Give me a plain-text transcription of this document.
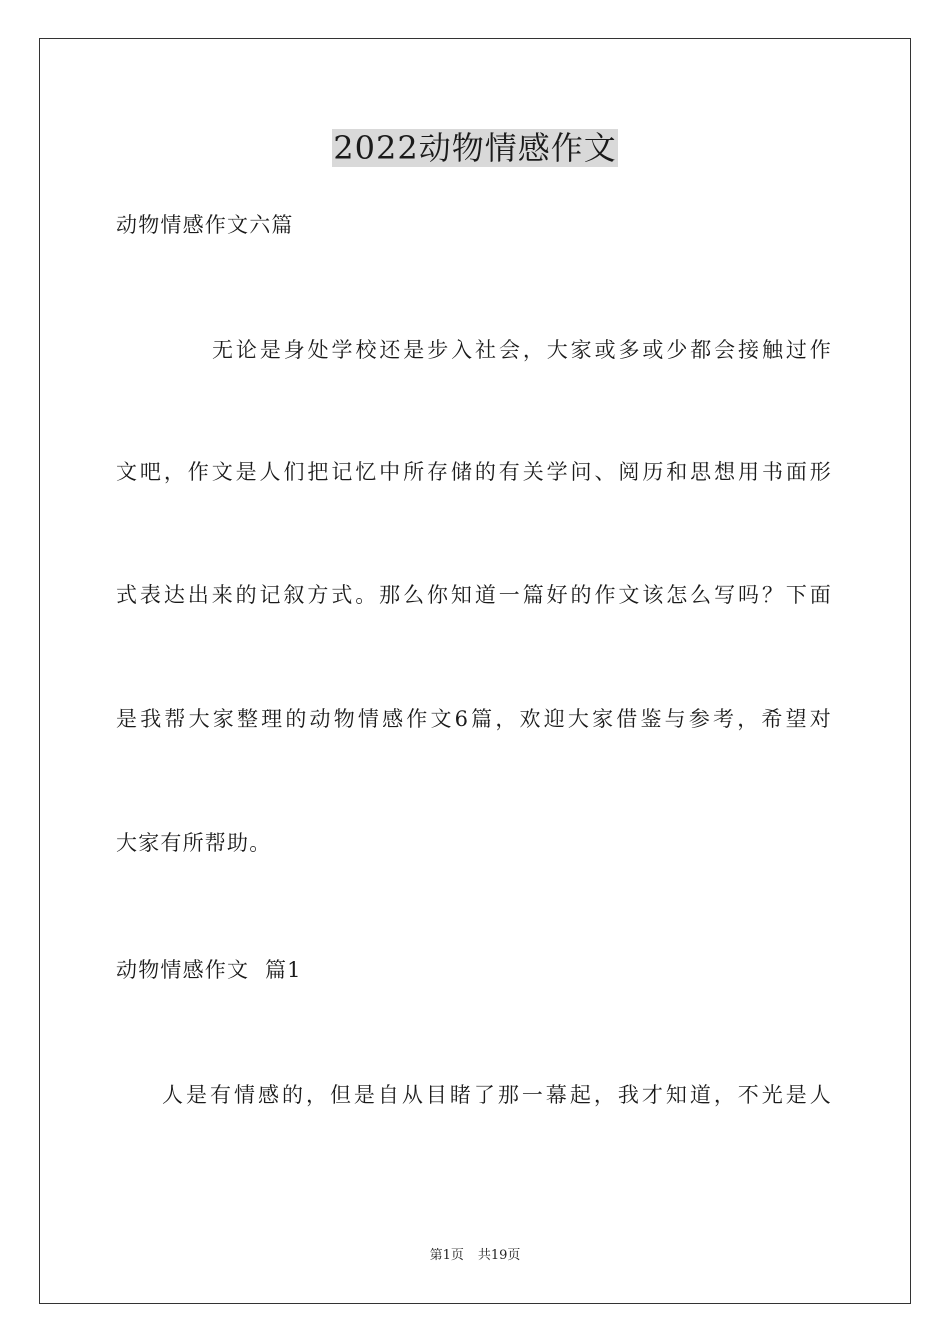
2022动物情感作文
动物情感作文六篇
无论是身处学校还是步入社会，大家或多或少都会接触过作
文吧，作文是人们把记忆中所存储的有关学问、阅历和思想用书面形
式表达出来的记叙方式。那么你知道一篇好的作文该怎么写吗？下面
是我帮大家整理的动物情感作文6篇，欢迎大家借鉴与参考，希望对
大家有所帮助。
动物情感作文  篇1
人是有情感的，但是自从目睹了那一幕起，我才知道，不光是人
第1页 共19页
